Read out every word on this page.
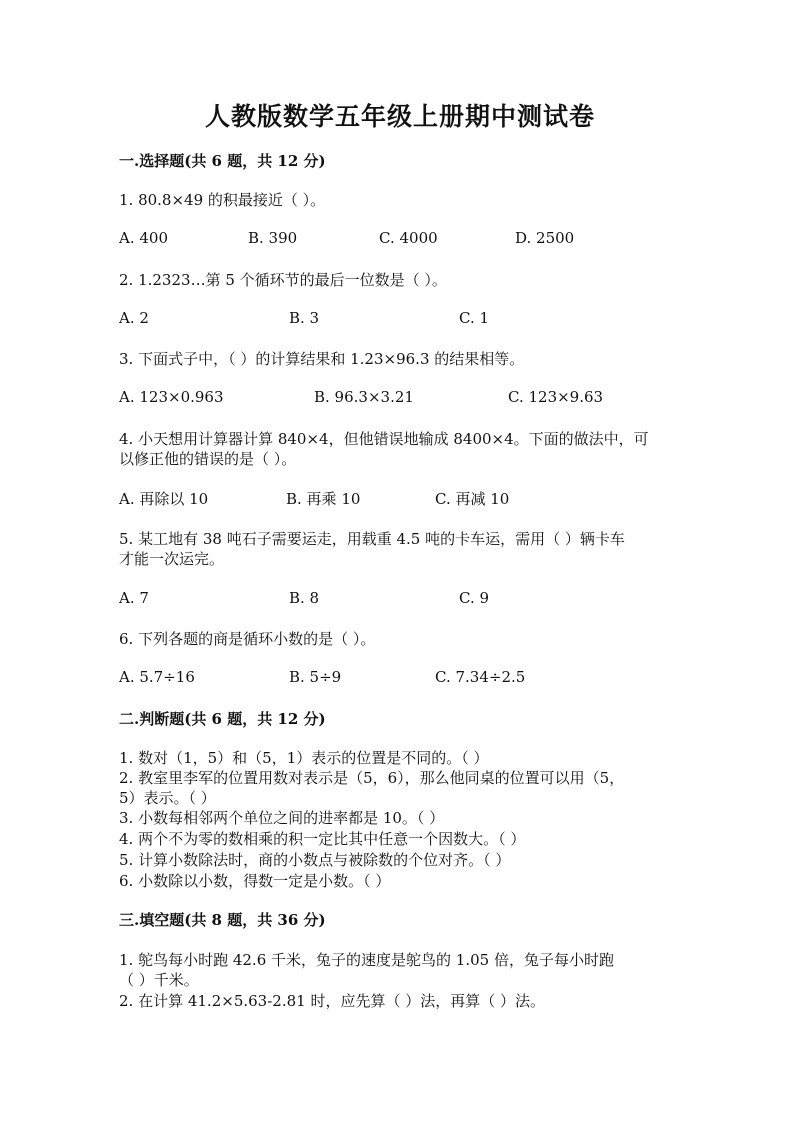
人教版数学五年级上册期中测试卷
一.选择题(共 6 题，共 12 分)
1. 80.8×49 的积最接近（ ）。
A. 400	B. 390	C. 4000	D. 2500
2. 1.2323…第 5 个循环节的最后一位数是（ ）。
A. 2	B. 3	C. 1
3. 下面式子中，（ ）的计算结果和 1.23×96.3 的结果相等。
A. 123×0.963	B. 96.3×3.21	C. 123×9.63
4. 小天想用计算器计算 840×4，但他错误地输成 8400×4。下面的做法中，可
以修正他的错误的是（ ）。
A. 再除以 10	B. 再乘 10	C. 再减 10
5. 某工地有 38 吨石子需要运走，用载重 4.5 吨的卡车运，需用（ ）辆卡车
才能一次运完。
A. 7	B. 8	C. 9
6. 下列各题的商是循环小数的是（ ）。
A. 5.7÷16	B. 5÷9	C. 7.34÷2.5
二.判断题(共 6 题，共 12 分)
1. 数对（1，5）和（5，1）表示的位置是不同的。（ ）
2. 教室里李军的位置用数对表示是（5，6），那么他同桌的位置可以用（5，
5）表示。（ ）
3. 小数每相邻两个单位之间的进率都是 10。（ ）
4. 两个不为零的数相乘的积一定比其中任意一个因数大。（ ）
5. 计算小数除法时，商的小数点与被除数的个位对齐。（ ）
6. 小数除以小数，得数一定是小数。（ ）
三.填空题(共 8 题，共 36 分)
1. 鸵鸟每小时跑 42.6 千米，兔子的速度是鸵鸟的 1.05 倍，兔子每小时跑
（ ）千米。
2. 在计算 41.2×5.63-2.81 时，应先算（ ）法，再算（ ）法。
